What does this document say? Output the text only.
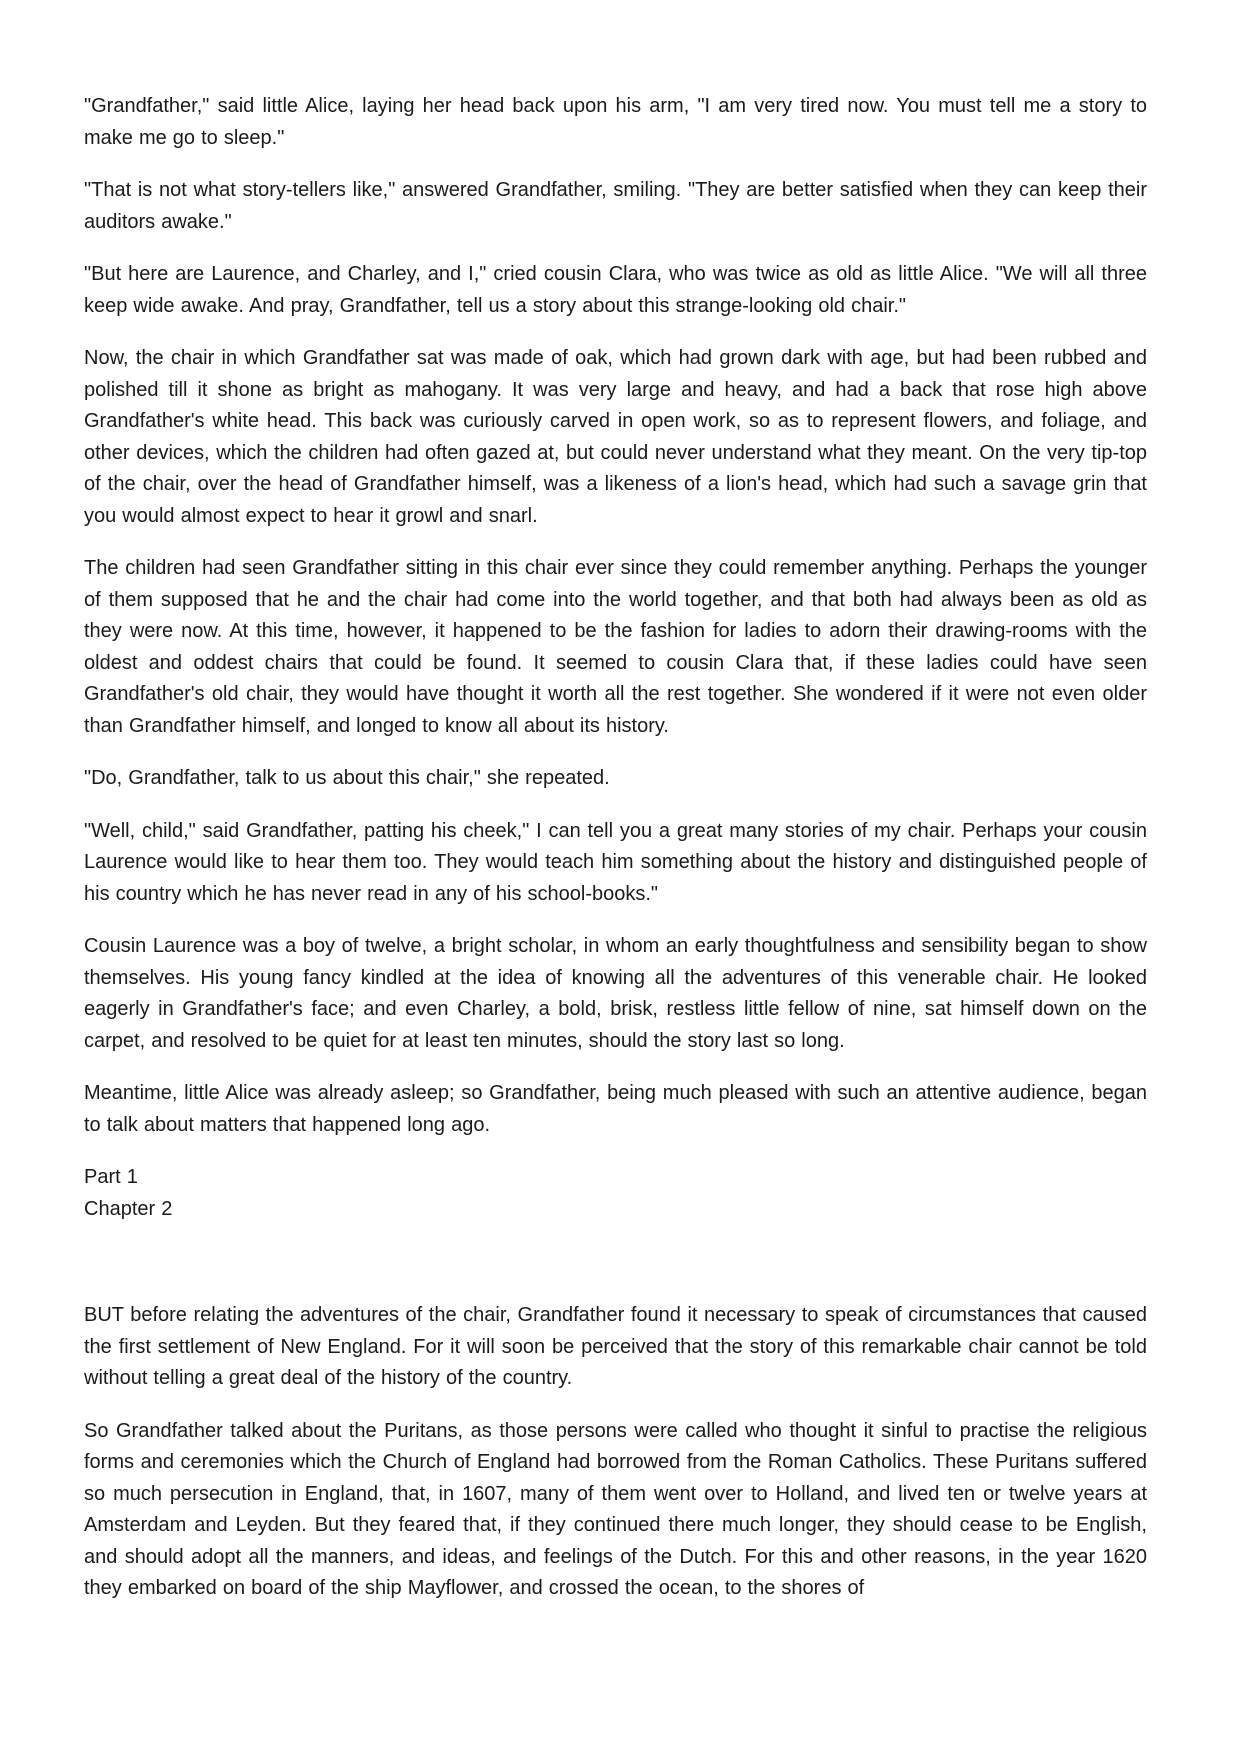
"Grandfather," said little Alice, laying her head back upon his arm, "I am very tired now. You must tell me a story to make me go to sleep."

"That is not what story-tellers like," answered Grandfather, smiling. "They are better satisfied when they can keep their auditors awake."

"But here are Laurence, and Charley, and I," cried cousin Clara, who was twice as old as little Alice. "We will all three keep wide awake. And pray, Grandfather, tell us a story about this strange-looking old chair."

Now, the chair in which Grandfather sat was made of oak, which had grown dark with age, but had been rubbed and polished till it shone as bright as mahogany. It was very large and heavy, and had a back that rose high above Grandfather's white head. This back was curiously carved in open work, so as to represent flowers, and foliage, and other devices, which the children had often gazed at, but could never understand what they meant. On the very tip-top of the chair, over the head of Grandfather himself, was a likeness of a lion's head, which had such a savage grin that you would almost expect to hear it growl and snarl.

The children had seen Grandfather sitting in this chair ever since they could remember anything. Perhaps the younger of them supposed that he and the chair had come into the world together, and that both had always been as old as they were now. At this time, however, it happened to be the fashion for ladies to adorn their drawing-rooms with the oldest and oddest chairs that could be found. It seemed to cousin Clara that, if these ladies could have seen Grandfather's old chair, they would have thought it worth all the rest together. She wondered if it were not even older than Grandfather himself, and longed to know all about its history.

"Do, Grandfather, talk to us about this chair," she repeated.

"Well, child," said Grandfather, patting his cheek," I can tell you a great many stories of my chair. Perhaps your cousin Laurence would like to hear them too. They would teach him something about the history and distinguished people of his country which he has never read in any of his school-books."

Cousin Laurence was a boy of twelve, a bright scholar, in whom an early thoughtfulness and sensibility began to show themselves. His young fancy kindled at the idea of knowing all the adventures of this venerable chair. He looked eagerly in Grandfather's face; and even Charley, a bold, brisk, restless little fellow of nine, sat himself down on the carpet, and resolved to be quiet for at least ten minutes, should the story last so long.

Meantime, little Alice was already asleep; so Grandfather, being much pleased with such an attentive audience, began to talk about matters that happened long ago.

Part 1

Chapter 2

BUT before relating the adventures of the chair, Grandfather found it necessary to speak of circumstances that caused the first settlement of New England. For it will soon be perceived that the story of this remarkable chair cannot be told without telling a great deal of the history of the country.

So Grandfather talked about the Puritans, as those persons were called who thought it sinful to practise the religious forms and ceremonies which the Church of England had borrowed from the Roman Catholics. These Puritans suffered so much persecution in England, that, in 1607, many of them went over to Holland, and lived ten or twelve years at Amsterdam and Leyden. But they feared that, if they continued there much longer, they should cease to be English, and should adopt all the manners, and ideas, and feelings of the Dutch. For this and other reasons, in the year 1620 they embarked on board of the ship Mayflower, and crossed the ocean, to the shores of
